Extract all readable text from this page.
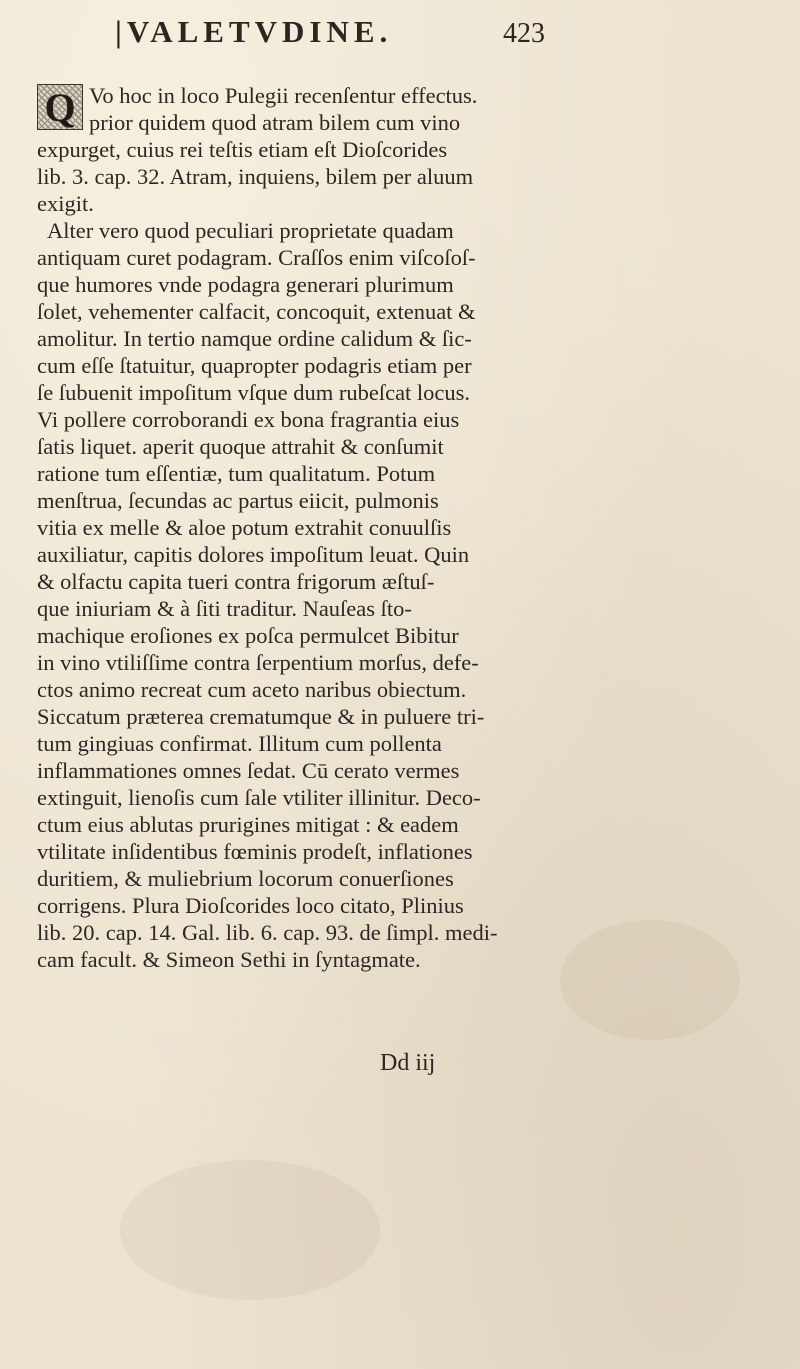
|VALETVDINE.	423
Q Vo hoc in loco Pulegii recenſentur effectus.
prior quidem quod atram bilem cum vino
expurget, cuius rei teſtis etiam eſt Dioſcorides
lib. 3. cap. 32. Atram, inquiens, bilem per aluum
exigit.
Alter vero quod peculiari proprietate quadam
antiquam curet podagram. Craſſos enim viſcoſoſ-
que humores vnde podagra generari plurimum
ſolet, vehementer calfacit, concoquit, extenuat &
amolitur. In tertio namque ordine calidum & ſic-
cum eſſe ſtatuitur, quapropter podagris etiam per
ſe ſubuenit impoſitum vſque dum rubeſcat locus.
Vi pollere corroborandi ex bona fragrantia eius
ſatis liquet. aperit quoque attrahit & conſumit
ratione tum eſſentiæ, tum qualitatum. Potum
menſtrua, ſecundas ac partus eiicit, pulmonis
vitia ex melle & aloe potum extrahit conuulſis
auxiliatur, capitis dolores impoſitum leuat. Quin
& olfactu capita tueri contra frigorum æſtuſ-
que iniuriam & à ſiti traditur. Nauſeas ſto-
machique eroſiones ex poſca permulcet Bibitur
in vino vtiliſſime contra ſerpentium morſus, defe-
ctos animo recreat cum aceto naribus obiectum.
Siccatum præterea crematumque & in puluere tri-
tum gingiuas confirmat. Illitum cum pollenta
inflammationes omnes ſedat. Cū cerato vermes
extinguit, lienoſis cum ſale vtiliter illinitur. Deco-
ctum eius ablutas prurigines mitigat : & eadem
vtilitate inſidentibus fœminis prodeſt, inflationes
duritiem, & muliebrium locorum conuerſiones
corrigens. Plura Dioſcorides loco citato, Plinius
lib. 20. cap. 14. Gal. lib. 6. cap. 93. de ſimpl. medi-
cam facult. & Simeon Sethi in ſyntagmate.
Dd iij
